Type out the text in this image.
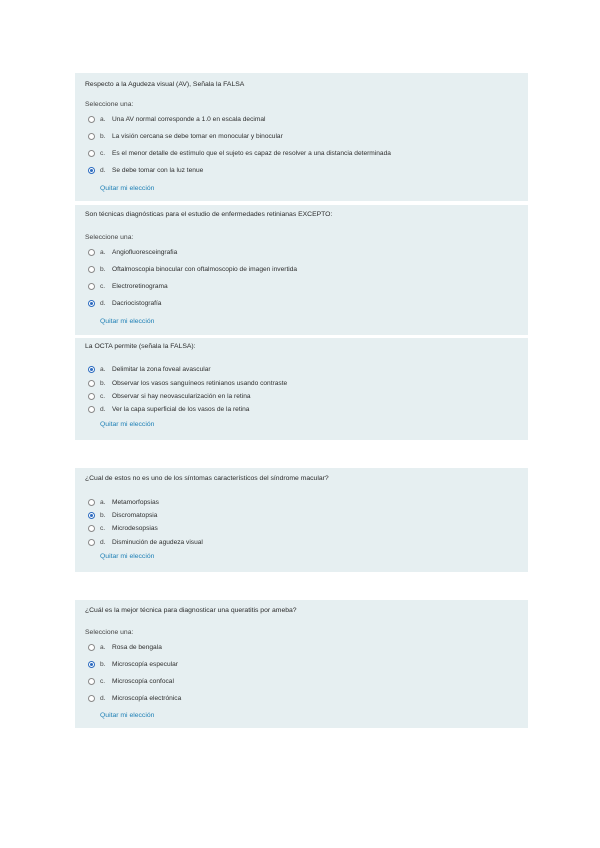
Respecto a la Agudeza visual (AV), Señala la FALSA
Seleccione una:
a. Una AV normal corresponde a 1.0 en escala decimal
b. La visión cercana se debe tomar en monocular y binocular
c.	Es el menor detalle de estímulo que el sujeto es capaz de resolver a una distancia determinada
d. Se debe tomar con la luz tenue
Quitar mi elección
Son técnicas diagnósticas para el estudio de enfermedades retinianas EXCEPTO:
Seleccione una:
a. Angiofluoresceingrafia
b. Oftalmoscopia binocular con oftalmoscopio de imagen invertida
c.	Electroretinograma
d. Dacriocistografía
Quitar mi elección
La OCTA permite (señala la FALSA):
a. Delimitar la zona foveal avascular
b. Observar los vasos sanguíneos retinianos usando contraste
c.	Observar si hay neovascularización en la retina
d. Ver la capa superficial de los vasos de la retina
Quitar mi elección
¿Cual de estos no es uno de los síntomas característicos del síndrome macular?
a. Metamorfopsias
b. Discromatopsia
c.	Microdesopsias
d. Disminución de agudeza visual
Quitar mi elección
¿Cuál es la mejor técnica para diagnosticar una queratitis por ameba?
Seleccione una:
a. Rosa de bengala
b. Microscopía especular
c.	Microscopía confocal
d. Microscopía electrónica
Quitar mi elección
